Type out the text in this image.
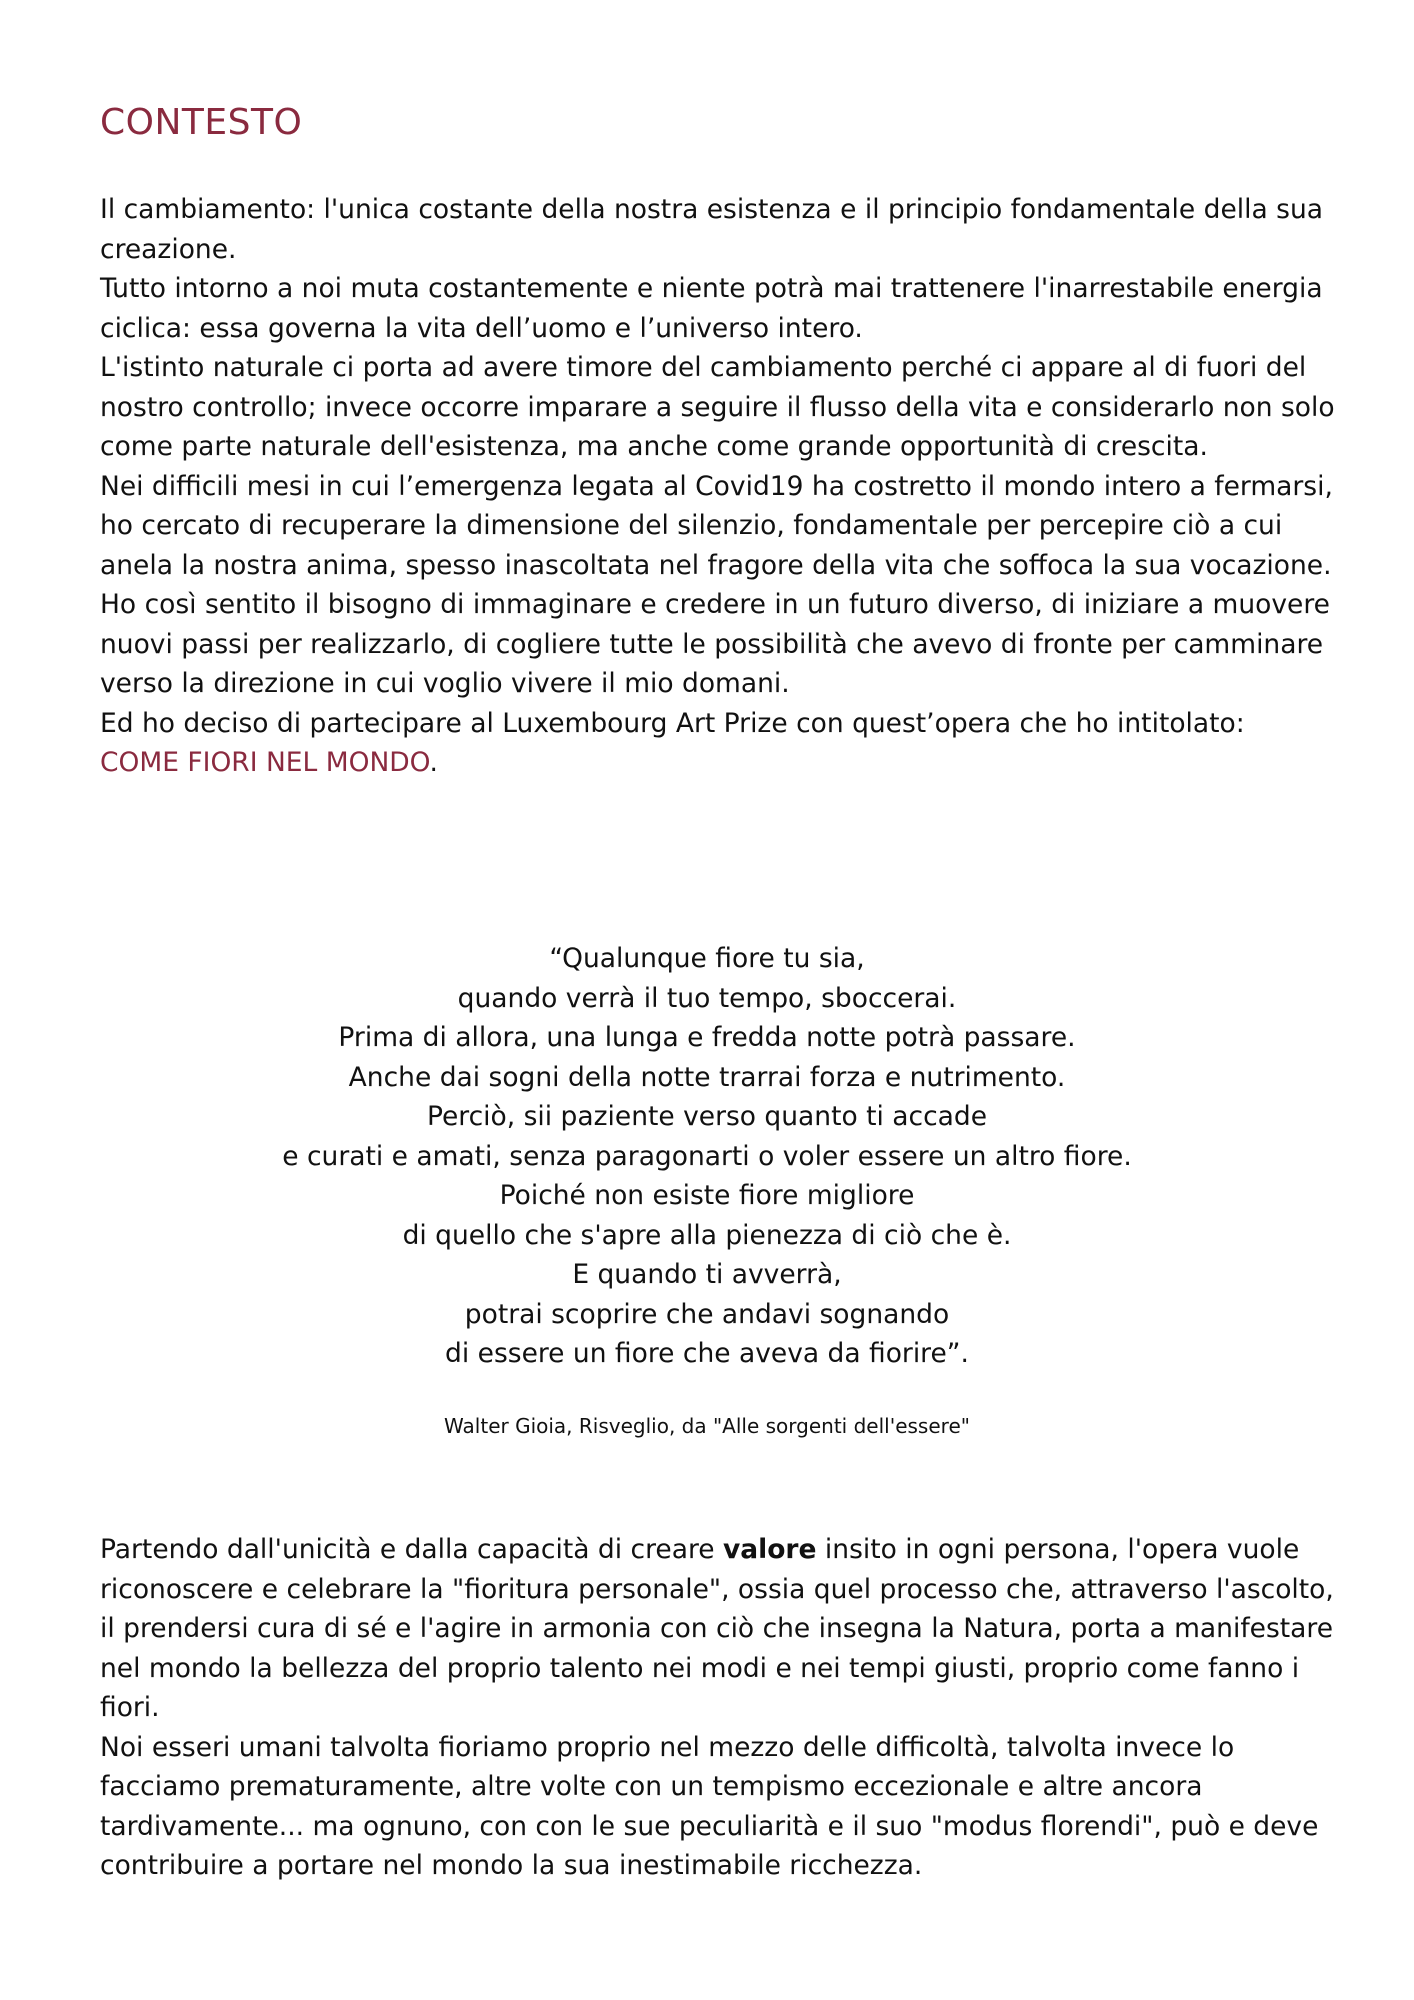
CONTESTO

Il cambiamento: l'unica costante della nostra esistenza e il principio fondamentale della sua creazione.

Tutto intorno a noi muta costantemente e niente potrà mai trattenere l'inarrestabile energia ciclica: essa governa la vita dell’uomo e l’universo intero.

L'istinto naturale ci porta ad avere timore del cambiamento perché ci appare al di fuori del nostro controllo; invece occorre imparare a seguire il flusso della vita e considerarlo non solo come parte naturale dell'esistenza, ma anche come grande opportunità di crescita.

Nei difficili mesi in cui l’emergenza legata al Covid19 ha costretto il mondo intero a fermarsi, ho cercato di recuperare la dimensione del silenzio, fondamentale per percepire ciò a cui anela la nostra anima, spesso inascoltata nel fragore della vita che soffoca la sua vocazione.

Ho così sentito il bisogno di immaginare e credere in un futuro diverso, di iniziare a muovere nuovi passi per realizzarlo, di cogliere tutte le possibilità che avevo di fronte per camminare verso la direzione in cui voglio vivere il mio domani.

Ed ho deciso di partecipare al Luxembourg Art Prize con quest’opera che ho intitolato:

COME FIORI NEL MONDO.

“Qualunque fiore tu sia,

quando verrà il tuo tempo, sboccerai.

Prima di allora, una lunga e fredda notte potrà passare.

Anche dai sogni della notte trarrai forza e nutrimento.

Perciò, sii paziente verso quanto ti accade

e curati e amati, senza paragonarti o voler essere un altro fiore.

Poiché non esiste fiore migliore

di quello che s'apre alla pienezza di ciò che è.

E quando ti avverrà,

potrai scoprire che andavi sognando

di essere un fiore che aveva da fiorire”.

Walter Gioia, Risveglio, da "Alle sorgenti dell'essere"

Partendo dall'unicità e dalla capacità di creare valore insito in ogni persona, l'opera vuole riconoscere e celebrare la "fioritura personale", ossia quel processo che, attraverso l'ascolto, il prendersi cura di sé e l'agire in armonia con ciò che insegna la Natura, porta a manifestare nel mondo la bellezza del proprio talento nei modi e nei tempi giusti, proprio come fanno i fiori.

Noi esseri umani talvolta fioriamo proprio nel mezzo delle difficoltà, talvolta invece lo facciamo prematuramente, altre volte con un tempismo eccezionale e altre ancora tardivamente... ma ognuno, con con le sue peculiarità e il suo "modus florendi", può e deve contribuire a portare nel mondo la sua inestimabile ricchezza.
